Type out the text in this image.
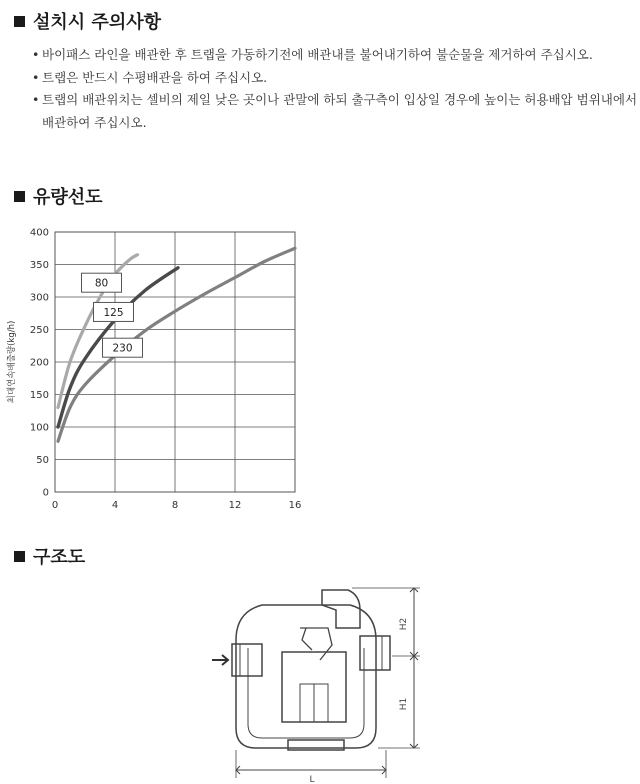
설치시 주의사항
• 바이패스 라인을 배관한 후 트랩을 가동하기전에 배관내를 불어내기하여 불순물을 제거하여 주십시오.
• 트랩은 반드시 수평배관을 하여 주십시오.
• 트랩의 배관위치는 셀비의 제일 낮은 곳이나 관말에 하되 출구측이 입상일 경우에 높이는 허용배압 범위내에서 배관하여 주십시오.
유량선도
0
50
100
150
200
250
300
350
400
0	4	8	12	16
최대연속배출량(kg/h)
80
125
230
구조도
H2
H1
L
